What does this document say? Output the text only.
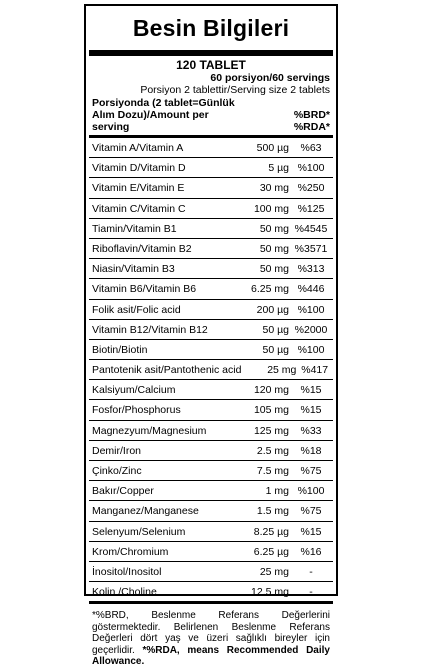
Besin Bilgileri
120 TABLET
60 porsiyon/60 servings
Porsiyon 2 tablettir/Serving size 2 tablets
Porsiyonda (2 tablet=Günlük Alım Dozu)/Amount per serving
%BRD*
%RDA*
Vitamin A/Vitamin A	500 µg	%63
Vitamin D/Vitamin D	5 µg %100
Vitamin E/Vitamin E	30 mg %250
Vitamin C/Vitamin C	100 mg %125
Tiamin/Vitamin B1	50 mg %4545
Riboflavin/Vitamin B2	50 mg %3571
Niasin/Vitamin B3	50 mg %313
Vitamin B6/Vitamin B6	6.25 mg %446
Folik asit/Folic acid	200 µg %100
Vitamin B12/Vitamin B12	50 µg %2000
Biotin/Biotin	50 µg %100
Pantotenik asit/Pantothenic acid	25 mg %417
Kalsiyum/Calcium	120 mg	%15
Fosfor/Phosphorus	105 mg	%15
Magnezyum/Magnesium	125 mg	%33
Demir/Iron	2.5 mg	%18
Çinko/Zinc	7.5 mg	%75
Bakır/Copper	1 mg %100
Manganez/Manganese	1.5 mg	%75
Selenyum/Selenium	8.25 µg	%15
Krom/Chromium	6.25 µg	%16
İnositol/Inositol	25 mg	-
Kolin /Choline	12.5 mg	-
*%BRD, Beslenme Referans Değerlerini göstermektedir. Belirlenen Beslenme Referans Değerleri dört yaş ve üzeri sağlıklı bireyler için geçerlidir. *%RDA, means Recommended Daily Allowance.
